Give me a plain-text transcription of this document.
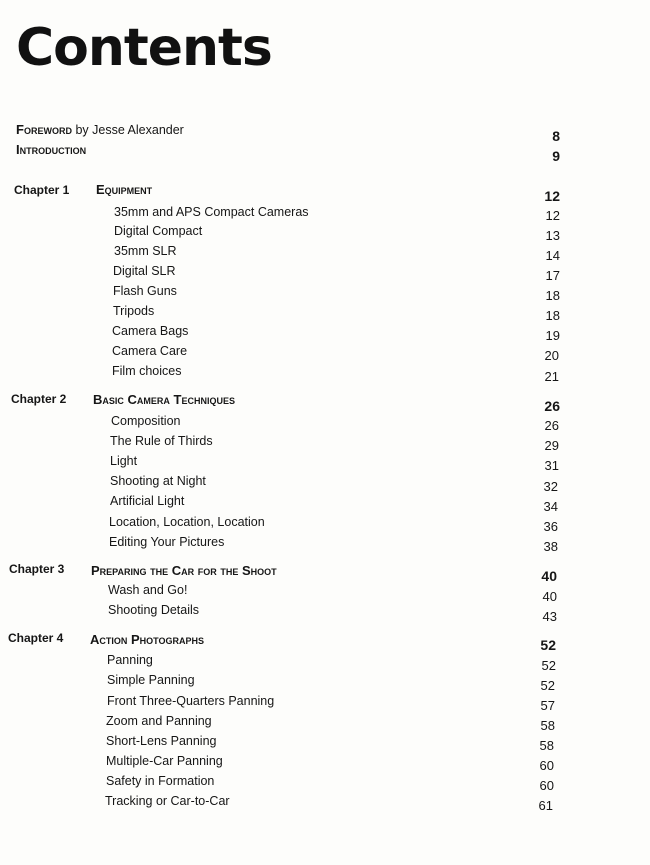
Contents
Foreword by Jesse Alexander	8
Introduction	9
Chapter 1 Equipment	12
35mm and APS Compact Cameras	12
Digital Compact	13
35mm SLR	14
Digital SLR	17
Flash Guns	18
Tripods	18
Camera Bags	19
Camera Care	20
Film choices	21
Chapter 2 Basic Camera Techniques	26
Composition	26
The Rule of Thirds	29
Light	31
Shooting at Night	32
Artificial Light	34
Location, Location, Location	36
Editing Your Pictures	38
Chapter 3 Preparing the Car for the Shoot	40
Wash and Go!	40
Shooting Details	43
Chapter 4 Action Photographs	52
Panning	52
Simple Panning	52
Front Three-Quarters Panning	57
Zoom and Panning	58
Short-Lens Panning	58
Multiple-Car Panning	60
Safety in Formation	60
Tracking or Car-to-Car	61
